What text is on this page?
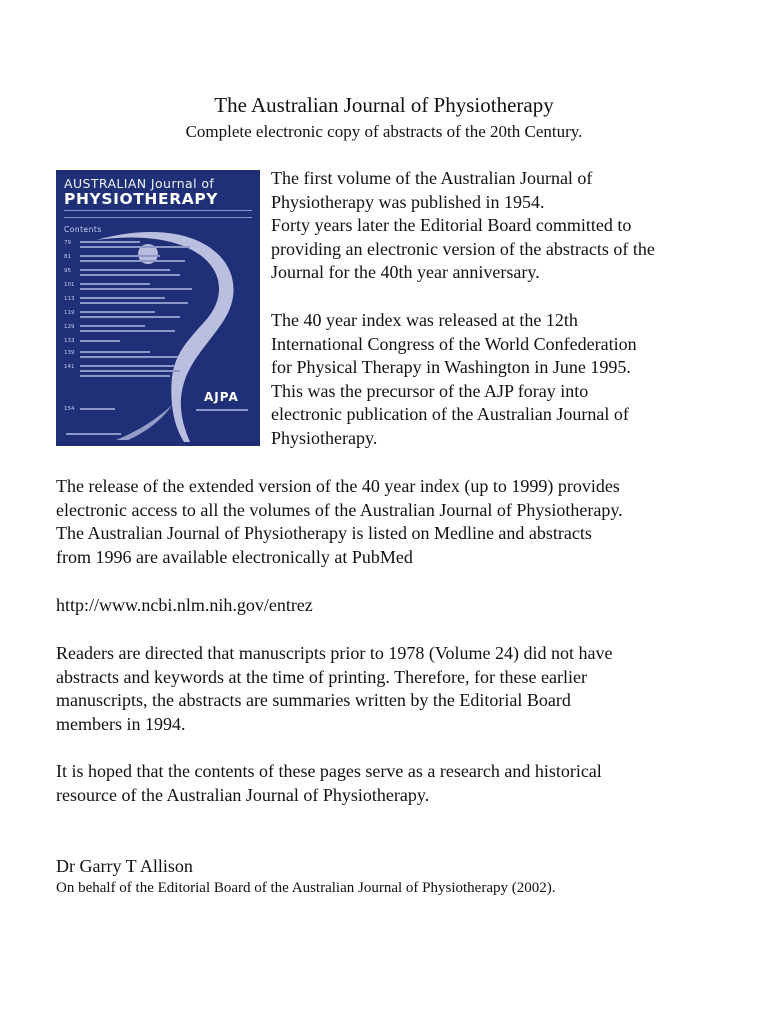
The Australian Journal of Physiotherapy
Complete electronic copy of abstracts of the 20th Century.
AUSTRALIAN Journal of
PHYSIOTHERAPY
Contents
79
81
95
101
113
119
129
133
139
141
154
AJPA
The first volume of the Australian Journal of
Physiotherapy was published in 1954.
Forty years later the Editorial Board committed to
providing an electronic version of the abstracts of the
Journal for the 40th year anniversary.
The 40 year index was released at the 12th
International Congress of the World Confederation
for Physical Therapy in Washington in June 1995.
This was the precursor of the AJP foray into
electronic publication of the Australian Journal of
Physiotherapy.
The release of the extended version of the 40 year index (up to 1999) provides
electronic access to all the volumes of the Australian Journal of Physiotherapy.
The Australian Journal of Physiotherapy is listed on Medline and abstracts
from 1996 are available electronically at PubMed
http://www.ncbi.nlm.nih.gov/entrez
Readers are directed that manuscripts prior to 1978 (Volume 24) did not have
abstracts and keywords at the time of printing. Therefore, for these earlier
manuscripts, the abstracts are summaries written by the Editorial Board
members in 1994.
It is hoped that the contents of these pages serve as a research and historical
resource of the Australian Journal of Physiotherapy.
Dr Garry T Allison
On behalf of the Editorial Board of the Australian Journal of Physiotherapy (2002).
